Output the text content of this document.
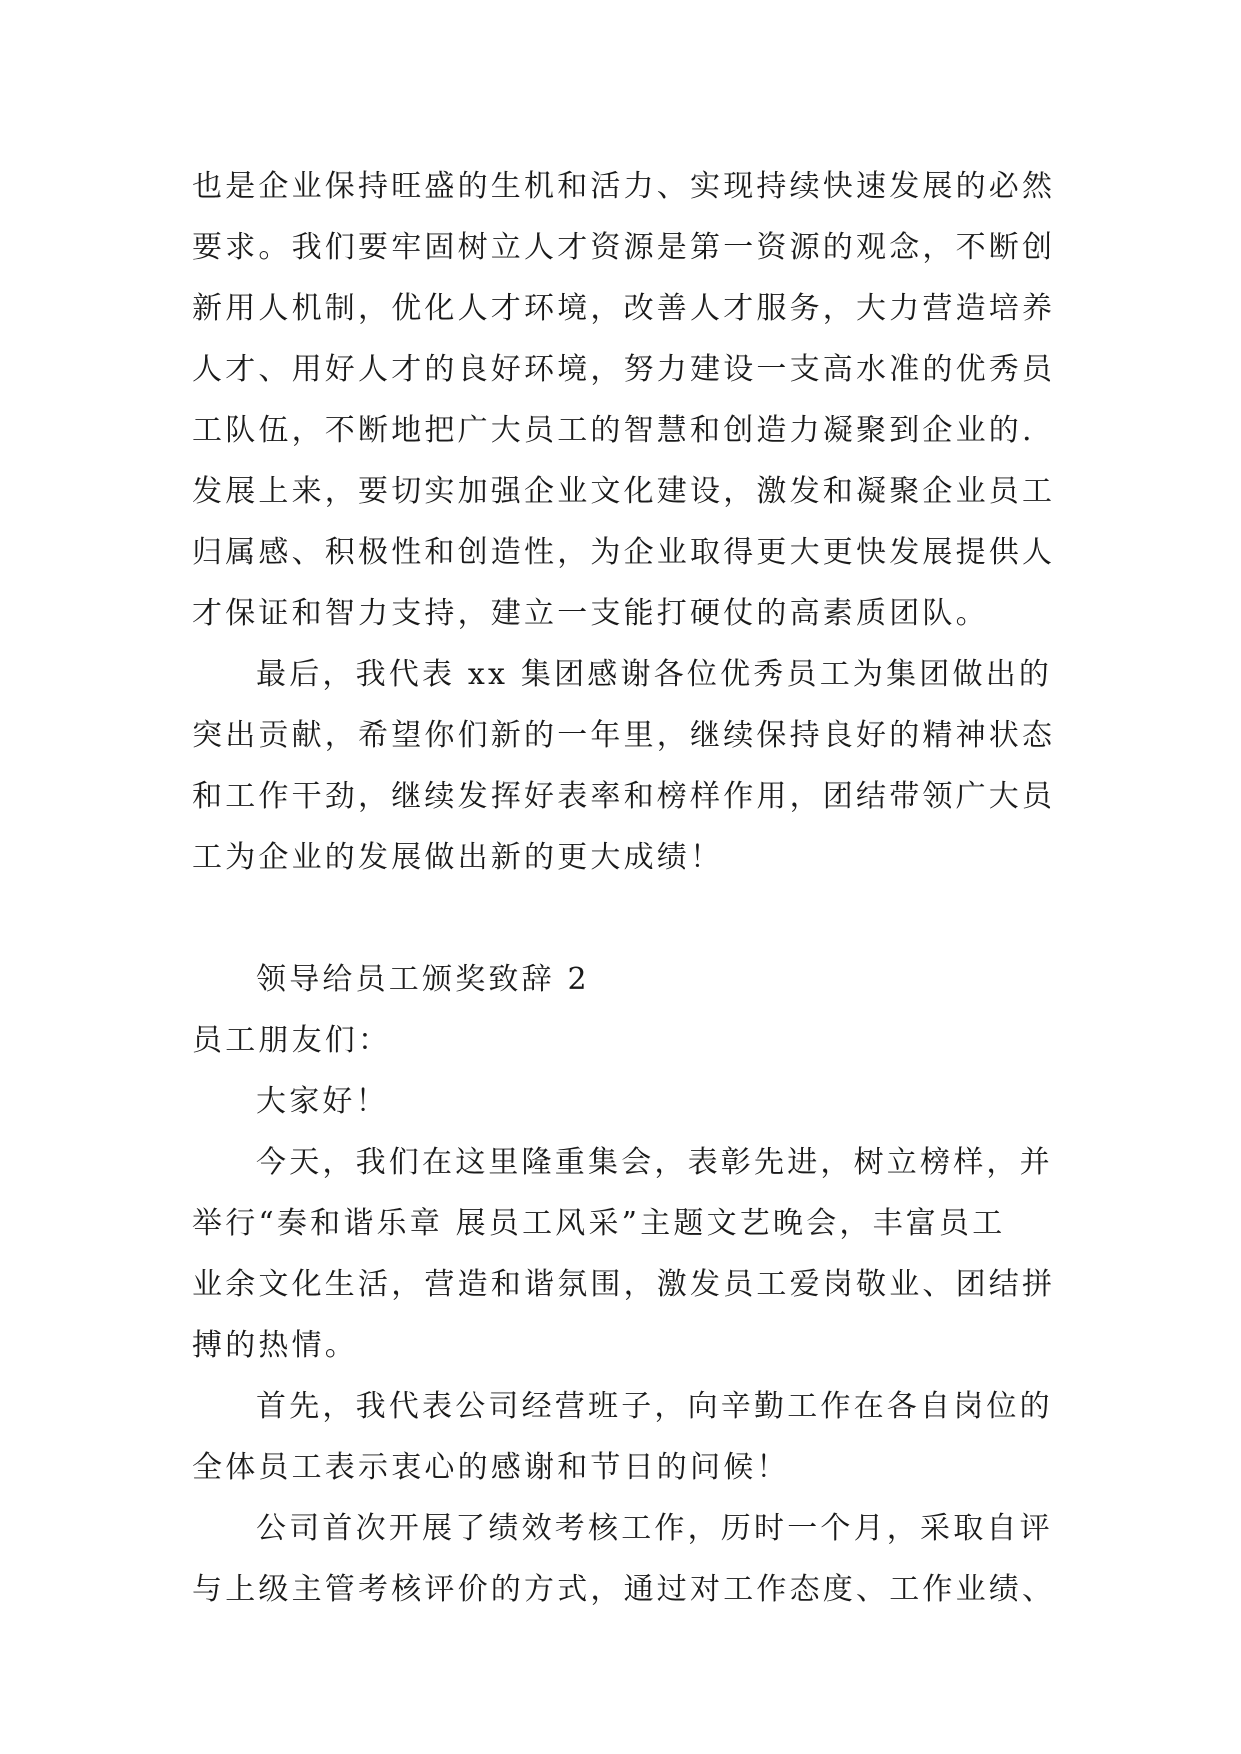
也是企业保持旺盛的生机和活力、实现持续快速发展的必然
要求。我们要牢固树立人才资源是第一资源的观念，不断创
新用人机制，优化人才环境，改善人才服务，大力营造培养
人才、用好人才的良好环境，努力建设一支高水准的优秀员
工队伍，不断地把广大员工的智慧和创造力凝聚到企业的.
发展上来，要切实加强企业文化建设，激发和凝聚企业员工
归属感、积极性和创造性，为企业取得更大更快发展提供人
才保证和智力支持，建立一支能打硬仗的高素质团队。
最后，我代表 xx 集团感谢各位优秀员工为集团做出的
突出贡献，希望你们新的一年里，继续保持良好的精神状态
和工作干劲，继续发挥好表率和榜样作用，团结带领广大员
工为企业的发展做出新的更大成绩！
领导给员工颁奖致辞 2
员工朋友们：
大家好！
今天，我们在这里隆重集会，表彰先进，树立榜样，并
举行“奏和谐乐章 展员工风采”主题文艺晚会，丰富员工
业余文化生活，营造和谐氛围，激发员工爱岗敬业、团结拼
搏的热情。
首先，我代表公司经营班子，向辛勤工作在各自岗位的
全体员工表示衷心的感谢和节日的问候！
公司首次开展了绩效考核工作，历时一个月，采取自评
与上级主管考核评价的方式，通过对工作态度、工作业绩、
